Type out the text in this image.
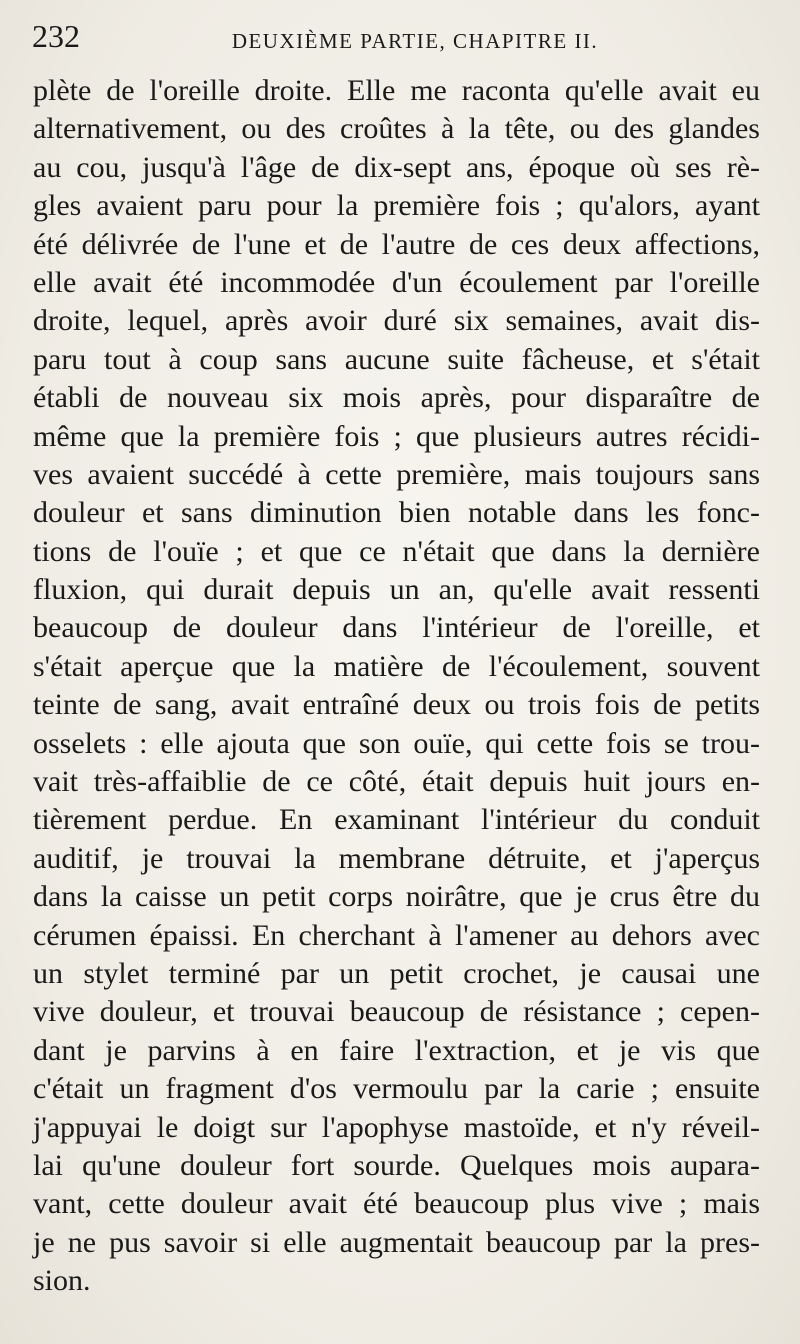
232	DEUXIÈME PARTIE, CHAPITRE II.
plète de l'oreille droite. Elle me raconta qu'elle avait eu
alternativement, ou des croûtes à la tête, ou des glandes
au cou, jusqu'à l'âge de dix-sept ans, époque où ses rè-
gles avaient paru pour la première fois ; qu'alors, ayant
été délivrée de l'une et de l'autre de ces deux affections,
elle avait été incommodée d'un écoulement par l'oreille
droite, lequel, après avoir duré six semaines, avait dis-
paru tout à coup sans aucune suite fâcheuse, et s'était
établi de nouveau six mois après, pour disparaître de
même que la première fois ; que plusieurs autres récidi-
ves avaient succédé à cette première, mais toujours sans
douleur et sans diminution bien notable dans les fonc-
tions de l'ouïe ; et que ce n'était que dans la dernière
fluxion, qui durait depuis un an, qu'elle avait ressenti
beaucoup de douleur dans l'intérieur de l'oreille, et
s'était aperçue que la matière de l'écoulement, souvent
teinte de sang, avait entraîné deux ou trois fois de petits
osselets : elle ajouta que son ouïe, qui cette fois se trou-
vait très-affaiblie de ce côté, était depuis huit jours en-
tièrement perdue. En examinant l'intérieur du conduit
auditif, je trouvai la membrane détruite, et j'aperçus
dans la caisse un petit corps noirâtre, que je crus être du
cérumen épaissi. En cherchant à l'amener au dehors avec
un stylet terminé par un petit crochet, je causai une
vive douleur, et trouvai beaucoup de résistance ; cepen-
dant je parvins à en faire l'extraction, et je vis que
c'était un fragment d'os vermoulu par la carie ; ensuite
j'appuyai le doigt sur l'apophyse mastoïde, et n'y réveil-
lai qu'une douleur fort sourde. Quelques mois aupara-
vant, cette douleur avait été beaucoup plus vive ; mais
je ne pus savoir si elle augmentait beaucoup par la pres-
sion.
